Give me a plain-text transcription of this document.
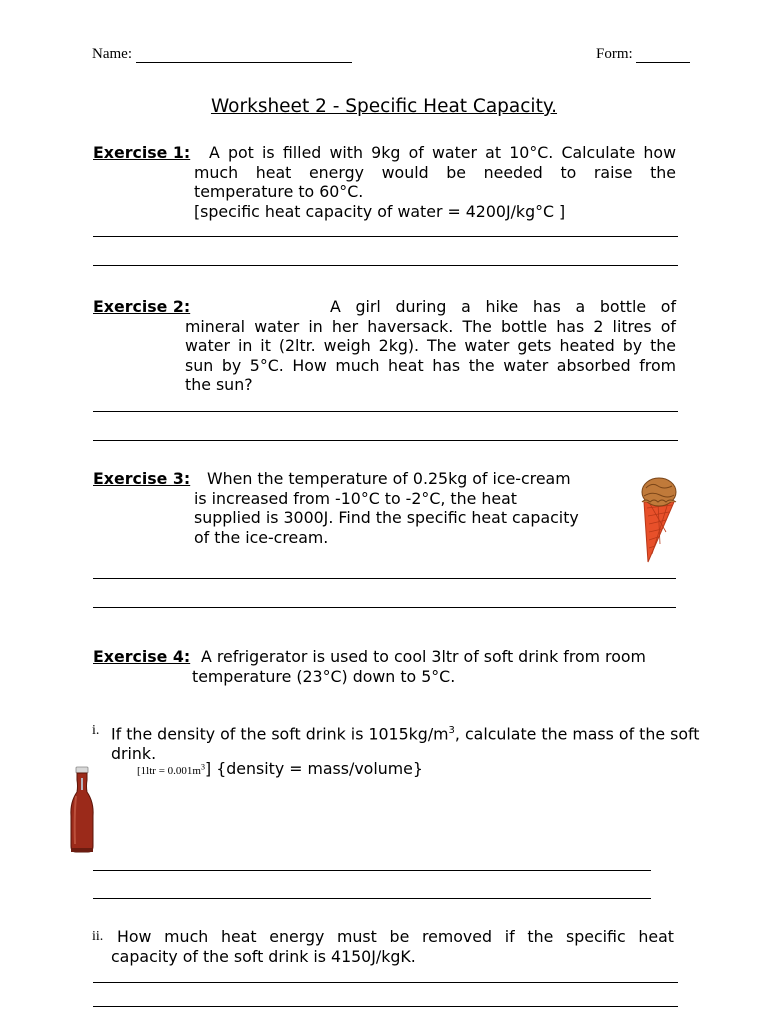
Name:	Form:
Worksheet 2 - Specific Heat Capacity.
Exercise 1:	A pot is filled with 9kg of water at 10°C. Calculate how
much heat energy would be needed to raise the
temperature to 60°C.
[specific heat capacity of water = 4200J/kg°C ]
Exercise 2:	A girl during a hike has a bottle of
mineral water in her haversack. The bottle has 2 litres of
water in it (2ltr. weigh 2kg). The water gets heated by the
sun by 5°C. How much heat has the water absorbed from
the sun?
Exercise 3: When the temperature of 0.25kg of ice-cream
is increased from -10°C to -2°C, the heat
supplied is 3000J. Find the specific heat capacity
of the ice-cream.
Exercise 4: A refrigerator is used to cool 3ltr of soft drink from room
temperature (23°C) down to 5°C.
i. If the density of the soft drink is $1015kg/m^3$, calculate the mass of the soft
drink.
$[1ltr = 0.001m^3]$ {density = mass/volume}
ii. How much heat energy must be removed if the specific heat
capacity of the soft drink is 4150J/kgK.
